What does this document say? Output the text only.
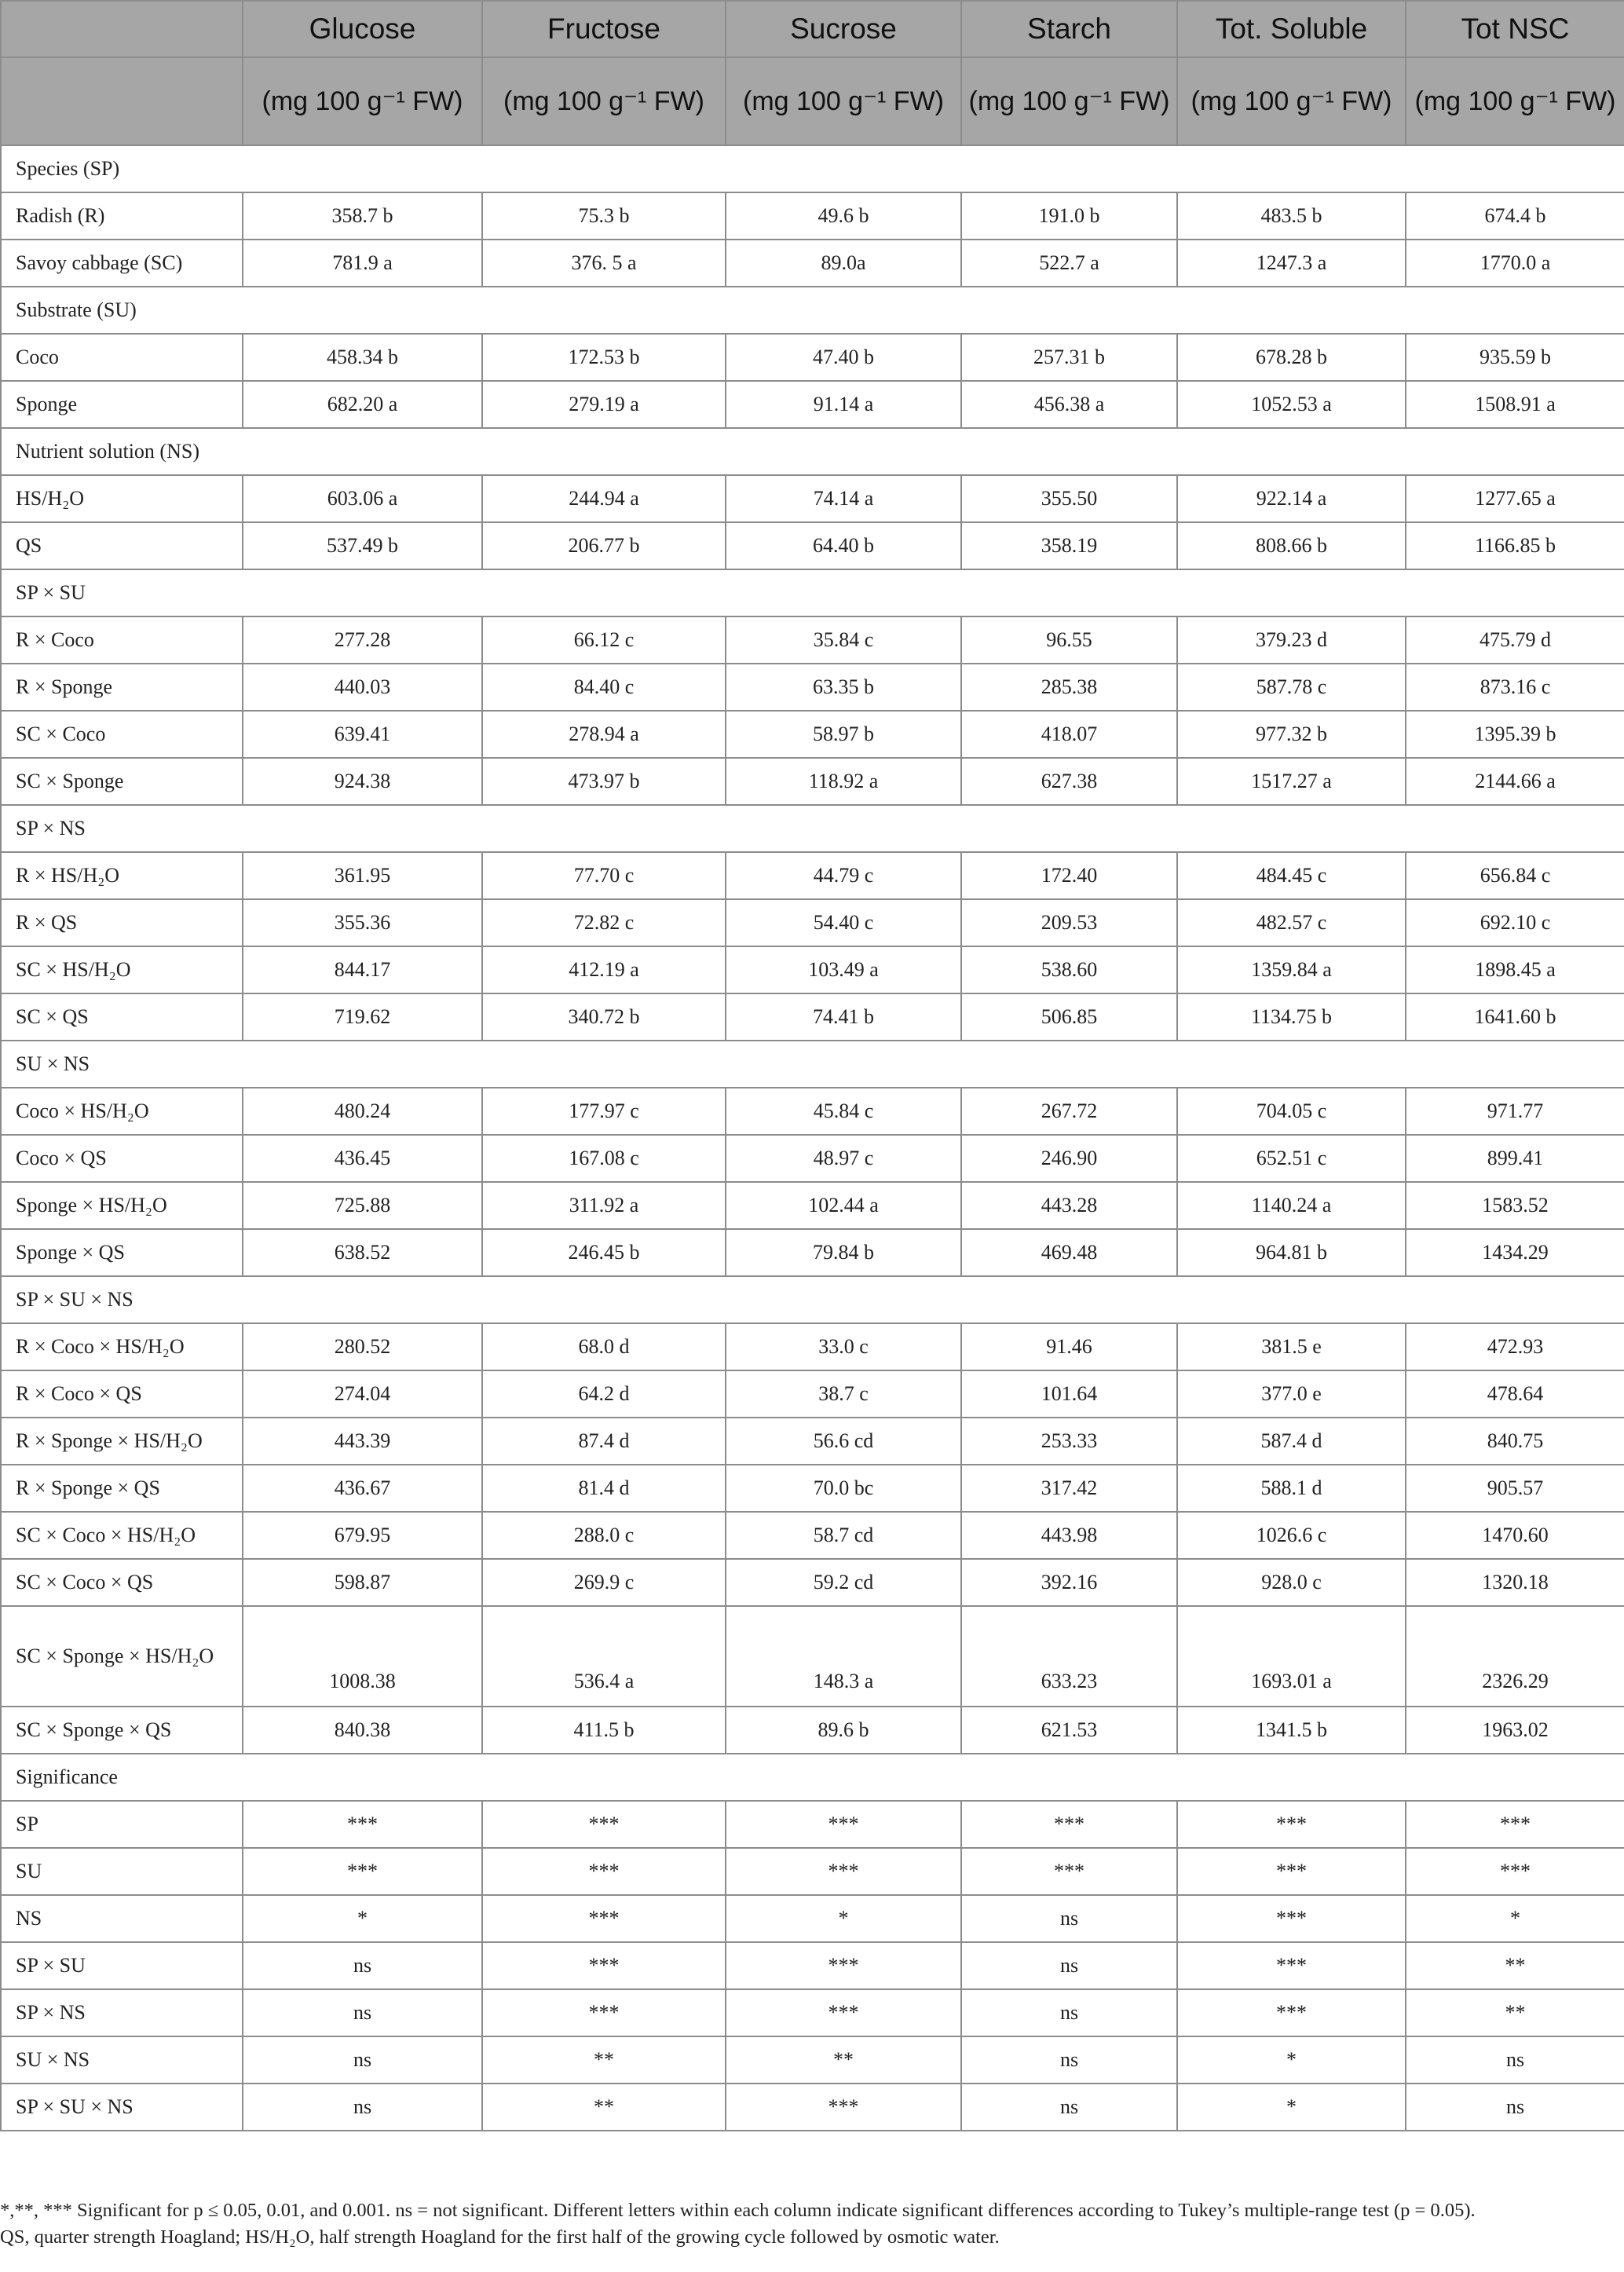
	Glucose	Fructose	Sucrose	Starch	Tot. Soluble	Tot NSC
	(mg 100 g⁻¹ FW)	(mg 100 g⁻¹ FW)	(mg 100 g⁻¹ FW)	(mg 100 g⁻¹ FW)	(mg 100 g⁻¹ FW)	(mg 100 g⁻¹ FW)
Species (SP)						
Radish (R)	358.7 b	75.3 b	49.6 b	191.0 b	483.5 b	674.4 b
Savoy cabbage (SC)	781.9 a	376. 5 a	89.0a	522.7 a	1247.3 a	1770.0 a
Substrate (SU)						
Coco	458.34 b	172.53 b	47.40 b	257.31 b	678.28 b	935.59 b
Sponge	682.20 a	279.19 a	91.14 a	456.38 a	1052.53 a	1508.91 a
Nutrient solution (NS)						
HS/H₂O	603.06 a	244.94 a	74.14 a	355.50	922.14 a	1277.65 a
QS	537.49 b	206.77 b	64.40 b	358.19	808.66 b	1166.85 b
SP × SU						
R × Coco	277.28	66.12 c	35.84 c	96.55	379.23 d	475.79 d
R × Sponge	440.03	84.40 c	63.35 b	285.38	587.78 c	873.16 c
SC × Coco	639.41	278.94 a	58.97 b	418.07	977.32 b	1395.39 b
SC × Sponge	924.38	473.97 b	118.92 a	627.38	1517.27 a	2144.66 a
SP × NS						
R × HS/H₂O	361.95	77.70 c	44.79 c	172.40	484.45 c	656.84 c
R × QS	355.36	72.82 c	54.40 c	209.53	482.57 c	692.10 c
SC × HS/H₂O	844.17	412.19 a	103.49 a	538.60	1359.84 a	1898.45 a
SC × QS	719.62	340.72 b	74.41 b	506.85	1134.75 b	1641.60 b
SU × NS						
Coco × HS/H₂O	480.24	177.97 c	45.84 c	267.72	704.05 c	971.77
Coco × QS	436.45	167.08 c	48.97 c	246.90	652.51 c	899.41
Sponge × HS/H₂O	725.88	311.92 a	102.44 a	443.28	1140.24 a	1583.52
Sponge × QS	638.52	246.45 b	79.84 b	469.48	964.81 b	1434.29
SP × SU × NS						
R × Coco × HS/H₂O	280.52	68.0 d	33.0 c	91.46	381.5 e	472.93
R × Coco × QS	274.04	64.2 d	38.7 c	101.64	377.0 e	478.64
R × Sponge × HS/H₂O	443.39	87.4 d	56.6 cd	253.33	587.4 d	840.75
R × Sponge × QS	436.67	81.4 d	70.0 bc	317.42	588.1 d	905.57
SC × Coco × HS/H₂O	679.95	288.0 c	58.7 cd	443.98	1026.6 c	1470.60
SC × Coco × QS	598.87	269.9 c	59.2 cd	392.16	928.0 c	1320.18
SC × Sponge × HS/H₂O	1008.38	536.4 a	148.3 a	633.23	1693.01 a	2326.29
SC × Sponge × QS	840.38	411.5 b	89.6 b	621.53	1341.5 b	1963.02
Significance						
SP	***	***	***	***	***	***
SU	***	***	***	***	***	***
NS	*	***	*	ns	***	*
SP × SU	ns	***	***	ns	***	**
SP × NS	ns	***	***	ns	***	**
SU × NS	ns	**	**	ns	*	ns
SP × SU × NS	ns	**	***	ns	*	ns

*,**, *** Significant for p ≤ 0.05, 0.01, and 0.001. ns = not significant. Different letters within each column indicate significant differences according to Tukey’s multiple-range test (p = 0.05).

QS, quarter strength Hoagland; HS/H₂O, half strength Hoagland for the first half of the growing cycle followed by osmotic water.
